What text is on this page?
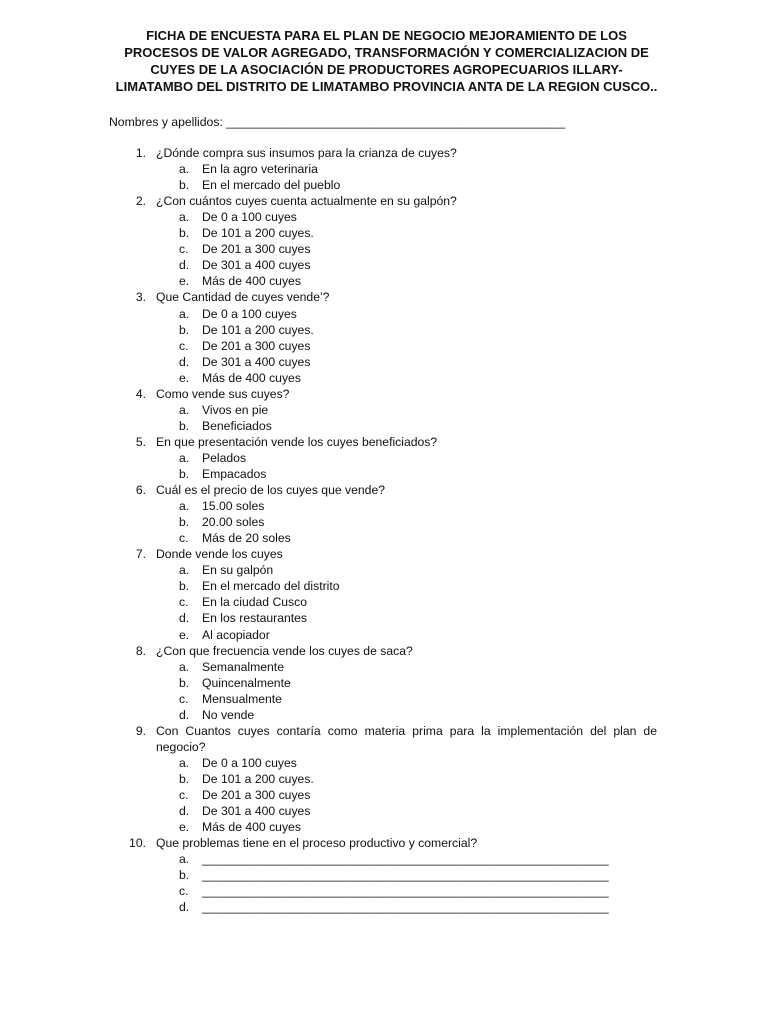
FICHA DE ENCUESTA PARA EL PLAN DE NEGOCIO MEJORAMIENTO DE LOS
PROCESOS DE VALOR AGREGADO, TRANSFORMACIÓN Y COMERCIALIZACION DE
CUYES DE LA ASOCIACIÓN DE PRODUCTORES AGROPECUARIOS ILLARY-
LIMATAMBO DEL DISTRITO DE LIMATAMBO PROVINCIA ANTA DE LA REGION CUSCO..
Nombres y apellidos: __________________________________________________
1. ¿Dónde compra sus insumos para la crianza de cuyes?
a. En la agro veterinaria
b. En el mercado del pueblo
2. ¿Con cuántos cuyes cuenta actualmente en su galpón?
a. De 0 a 100 cuyes
b. De 101 a 200 cuyes.
c. De 201 a 300 cuyes
d. De 301 a 400 cuyes
e. Más de 400 cuyes
3. Que Cantidad de cuyes vende’?
a. De 0 a 100 cuyes
b. De 101 a 200 cuyes.
c. De 201 a 300 cuyes
d. De 301 a 400 cuyes
e. Más de 400 cuyes
4. Como vende sus cuyes?
a. Vivos en pie
b. Beneficiados
5. En que presentación vende los cuyes beneficiados?
a. Pelados
b. Empacados
6. Cuál es el precio de los cuyes que vende?
a. 15.00 soles
b. 20.00 soles
c. Más de 20 soles
7. Donde vende los cuyes
a. En su galpón
b. En el mercado del distrito
c. En la ciudad Cusco
d. En los restaurantes
e. Al acopiador
8. ¿Con que frecuencia vende los cuyes de saca?
a. Semanalmente
b. Quincenalmente
c. Mensualmente
d. No vende
9. Con Cuantos cuyes contaría como materia prima para la implementación del plan de negocio?
a. De 0 a 100 cuyes
b. De 101 a 200 cuyes.
c. De 201 a 300 cuyes
d. De 301 a 400 cuyes
e. Más de 400 cuyes
10. Que problemas tiene en el proceso productivo y comercial?
a. ____________________________________________________________
b. ____________________________________________________________
c. ____________________________________________________________
d. ____________________________________________________________
